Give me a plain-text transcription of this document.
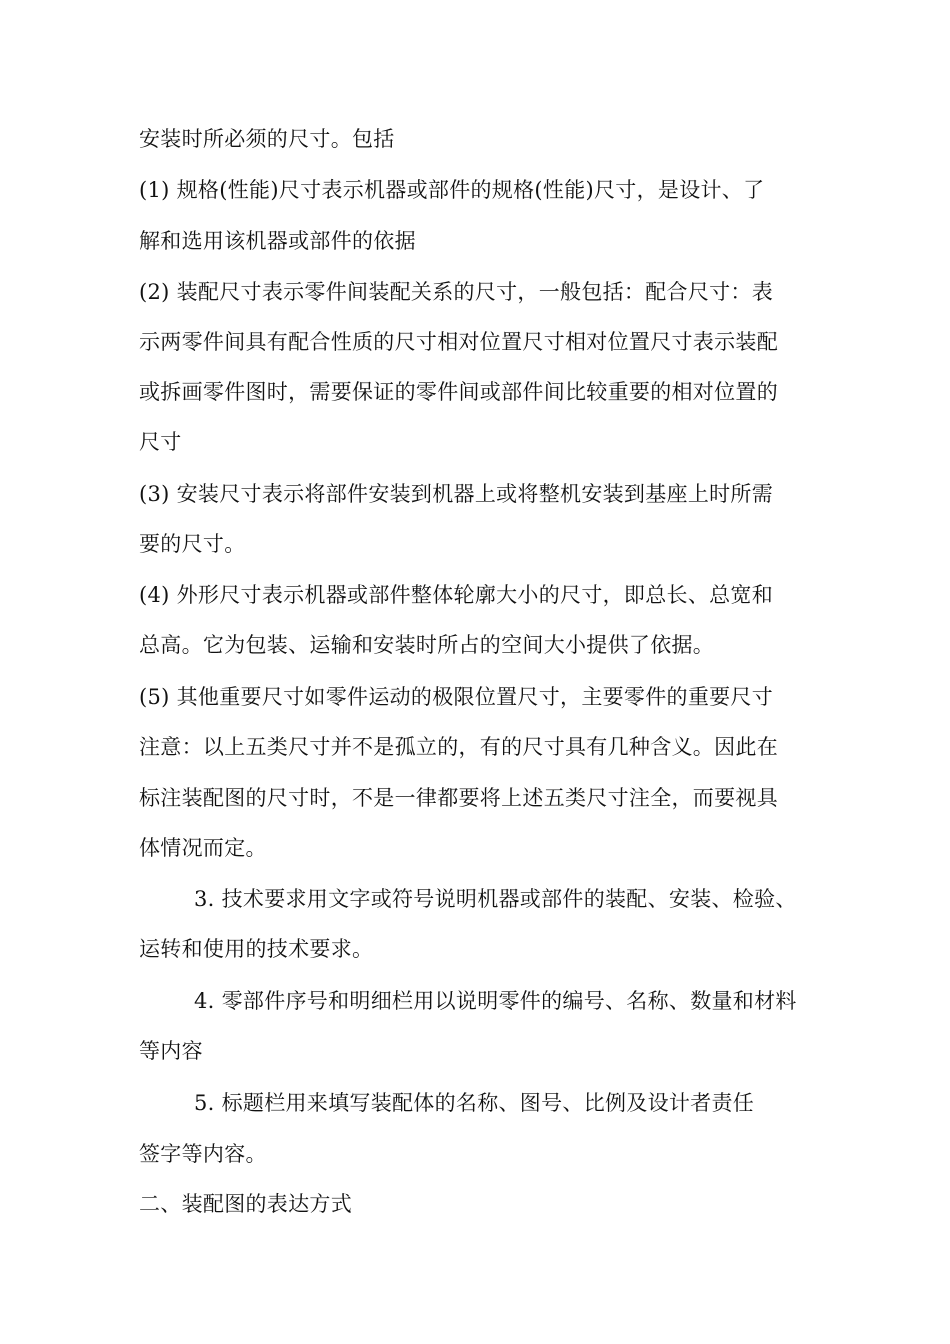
安装时所必须的尺寸。包括
(1) 规格(性能)尺寸表示机器或部件的规格(性能)尺寸，是设计、了
解和选用该机器或部件的依据
(2) 装配尺寸表示零件间装配关系的尺寸，一般包括：配合尺寸：表
示两零件间具有配合性质的尺寸相对位置尺寸相对位置尺寸表示装配
或拆画零件图时，需要保证的零件间或部件间比较重要的相对位置的
尺寸
(3) 安装尺寸表示将部件安装到机器上或将整机安装到基座上时所需
要的尺寸。
(4) 外形尺寸表示机器或部件整体轮廓大小的尺寸，即总长、总宽和
总高。它为包装、运输和安装时所占的空间大小提供了依据。
(5) 其他重要尺寸如零件运动的极限位置尺寸，主要零件的重要尺寸
注意：以上五类尺寸并不是孤立的，有的尺寸具有几种含义。因此在
标注装配图的尺寸时，不是一律都要将上述五类尺寸注全，而要视具
体情况而定。
3. 技术要求用文字或符号说明机器或部件的装配、安装、检验、
运转和使用的技术要求。
4. 零部件序号和明细栏用以说明零件的编号、名称、数量和材料
等内容
5. 标题栏用来填写装配体的名称、图号、比例及设计者责任
签字等内容。
二、装配图的表达方式
